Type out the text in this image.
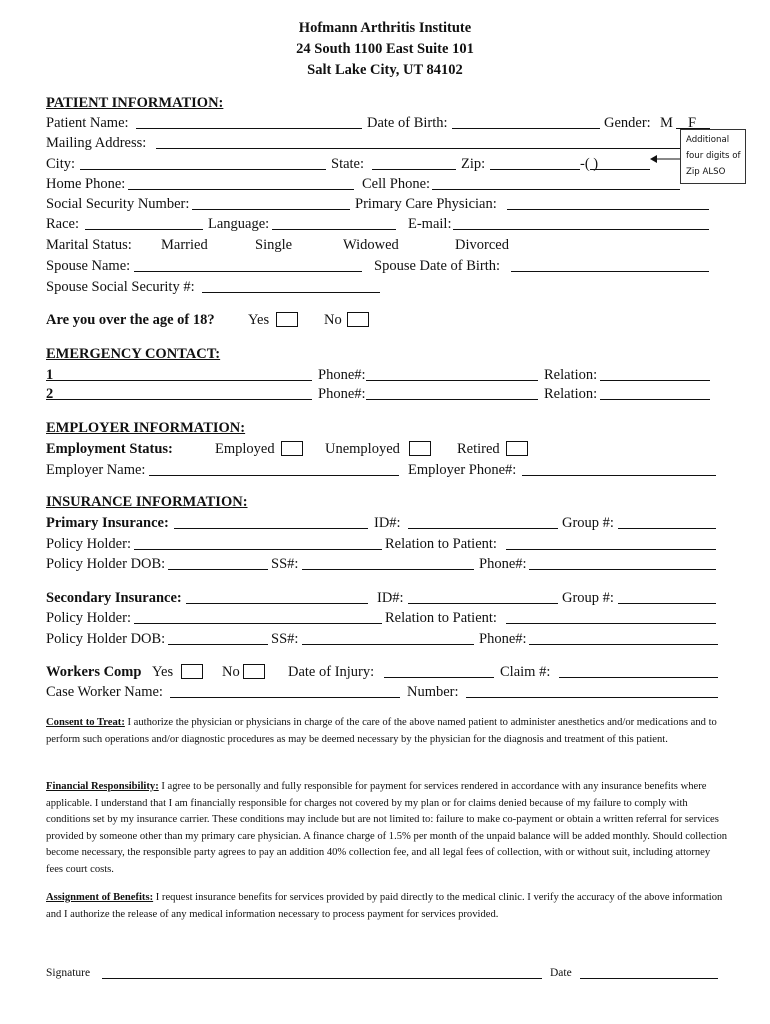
Hofmann Arthritis Institute
24 South 1100 East Suite 101
Salt Lake City, UT 84102
PATIENT INFORMATION:
Patient Name:	Date of Birth:	Gender: M F
Mailing Address:
City:	State:	Zip:	-( )
Additional four digits of Zip ALSO
Home Phone:	Cell Phone:
Social Security Number:	Primary Care Physician:
Race:	Language:	E-mail:
Marital Status: Married	Single	Widowed	Divorced
Spouse Name:	Spouse Date of Birth:
Spouse Social Security #:
Are you over the age of 18? Yes	No
EMERGENCY CONTACT:
1	Phone#:	Relation:
2	Phone#:	Relation:
EMPLOYER INFORMATION:
Employment Status:	Employed	Unemployed	Retired
Employer Name:	Employer Phone#:
INSURANCE INFORMATION:
Primary Insurance:	ID#:	Group #:
Policy Holder:	Relation to Patient:
Policy Holder DOB:	SS#:	Phone#:
Secondary Insurance:	ID#:	Group #:
Policy Holder:	Relation to Patient:
Policy Holder DOB:	SS#:	Phone#:
Workers Comp Yes	No	Date of Injury:	Claim #:
Case Worker Name:	Number:
Consent to Treat: I authorize the physician or physicians in charge of the care of the above named patient to administer anesthetics and/or medications and to perform such operations and/or diagnostic procedures as may be deemed necessary by the physician for the diagnosis and treatment of this patient.
Financial Responsibility: I agree to be personally and fully responsible for payment for services rendered in accordance with any insurance benefits where applicable. I understand that I am financially responsible for charges not covered by my plan or for claims denied because of my failure to comply with conditions set by my insurance carrier. These conditions may include but are not limited to: failure to make co-payment or obtain a written referral for services provided by someone other than my primary care physician. A finance charge of 1.5% per month of the unpaid balance will be added monthly. Should collection become necessary, the responsible party agrees to pay an addition 40% collection fee, and all legal fees of collection, with or without suit, including attorney fees court costs.
Assignment of Benefits: I request insurance benefits for services provided by paid directly to the medical clinic. I verify the accuracy of the above information and I authorize the release of any medical information necessary to process payment for services provided.
Signature	Date
